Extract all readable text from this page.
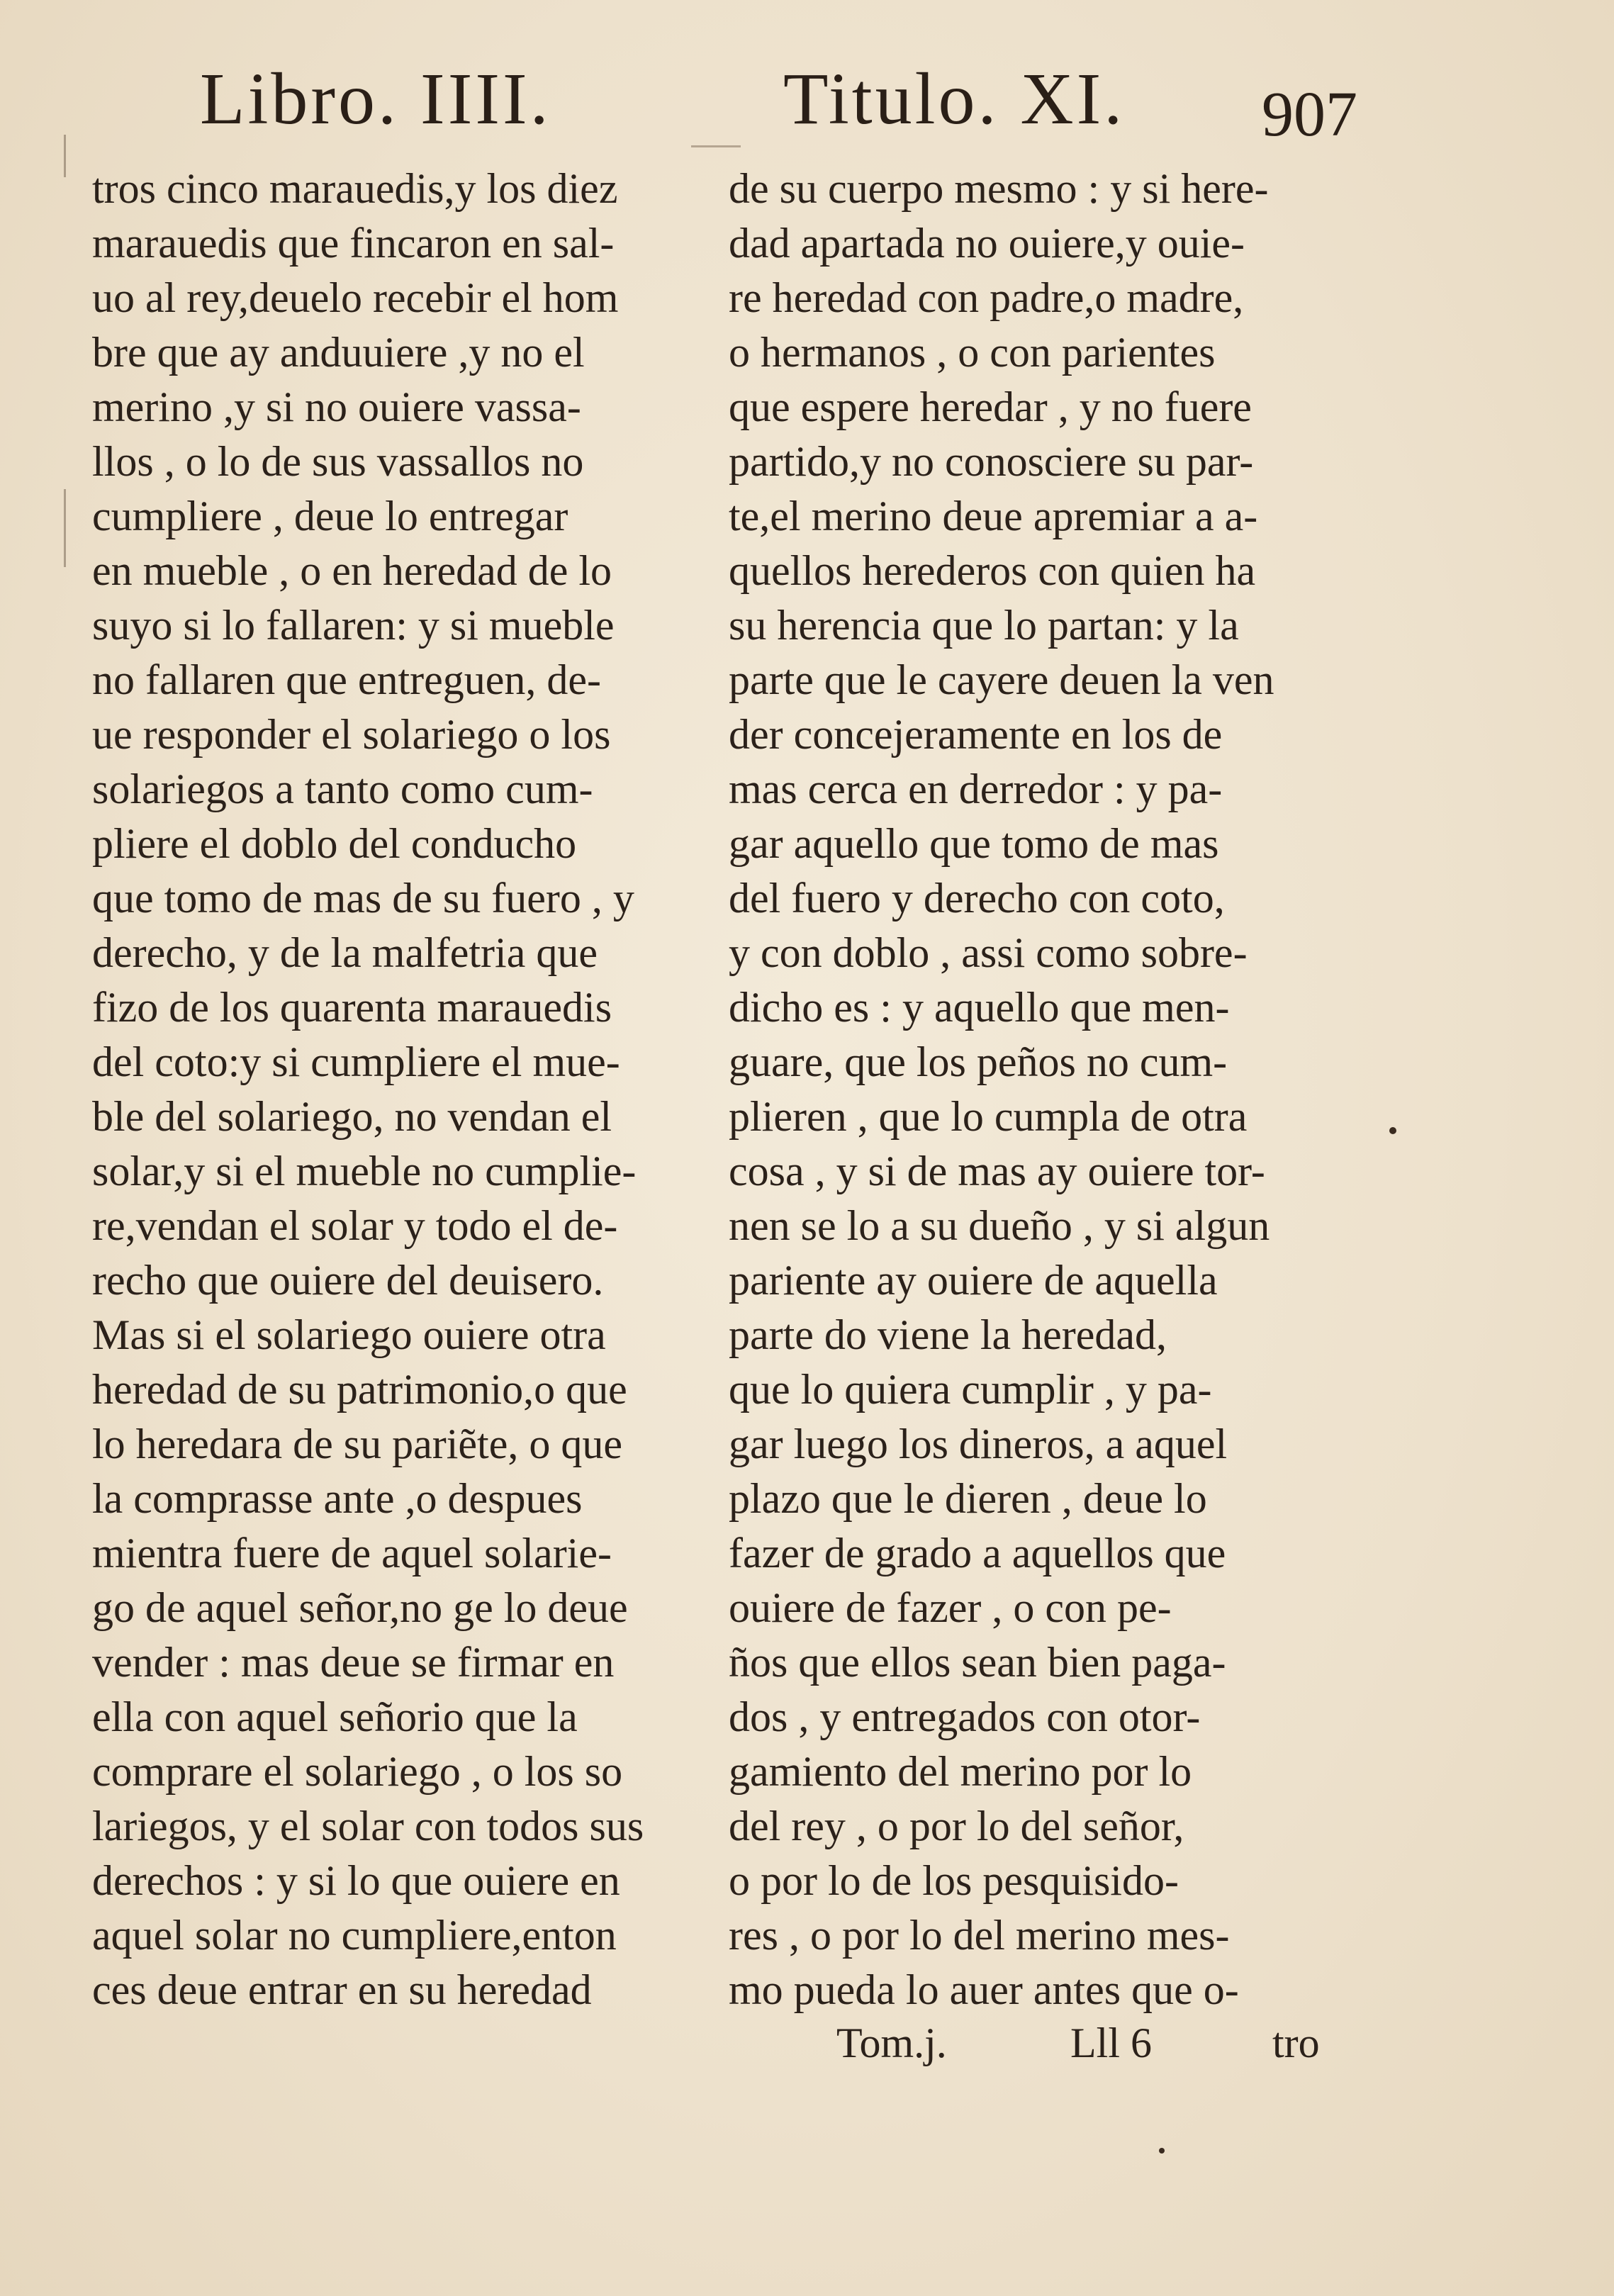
Libro. IIII.	Titulo. XI. 907
tros cinco marauedis,y los diez
marauedis que fincaron en sal-
uo al rey,deuelo recebir el hom
bre que ay anduuiere ,y no el
merino ,y si no ouiere vassa-
llos , o lo de sus vassallos no
cumpliere , deue lo entregar
en mueble , o en heredad de lo
suyo si lo fallaren: y si mueble
no fallaren que entreguen, de-
ue responder el solariego o los
solariegos a tanto como cum-
pliere el doblo del conducho
que tomo de mas de su fuero , y
derecho, y de la malfetria que
fizo de los quarenta marauedis
del coto:y si cumpliere el mue-
ble del solariego, no vendan el
solar,y si el mueble no cumplie-
re,vendan el solar y todo el de-
recho que ouiere del deuisero.
Mas si el solariego ouiere otra
heredad de su patrimonio,o que
lo heredara de su pariẽte, o que
la comprasse ante ,o despues
mientra fuere de aquel solarie-
go de aquel señor,no ge lo deue
vender : mas deue se firmar en
ella con aquel señorio que la
comprare el solariego , o los so
lariegos, y el solar con todos sus
derechos : y si lo que ouiere en
aquel solar no cumpliere,enton
ces deue entrar en su heredad
de su cuerpo mesmo : y si here-
dad apartada no ouiere,y ouie-
re heredad con padre,o madre,
o hermanos , o con parientes
que espere heredar , y no fuere
partido,y no conosciere su par-
te,el merino deue apremiar a a-
quellos herederos con quien ha
su herencia que lo partan: y la
parte que le cayere deuen la ven
der concejeramente en los de
mas cerca en derredor : y pa-
gar aquello que tomo de mas
del fuero y derecho con coto,
y con doblo , assi como sobre-
dicho es : y aquello que men-
guare, que los peños no cum-
plieren , que lo cumpla de otra
cosa , y si de mas ay ouiere tor-
nen se lo a su dueño , y si algun
pariente ay ouiere de aquella
parte do viene la heredad,
que lo quiera cumplir , y pa-
gar luego los dineros, a aquel
plazo que le dieren , deue lo
fazer de grado a aquellos que
ouiere de fazer , o con pe-
ños que ellos sean bien paga-
dos , y entregados con otor-
gamiento del merino por lo
del rey , o por lo del señor,
o por lo de los pesquisido-
res , o por lo del merino mes-
mo pueda lo auer antes que o-
Tom.j.	Lll 6	tro
